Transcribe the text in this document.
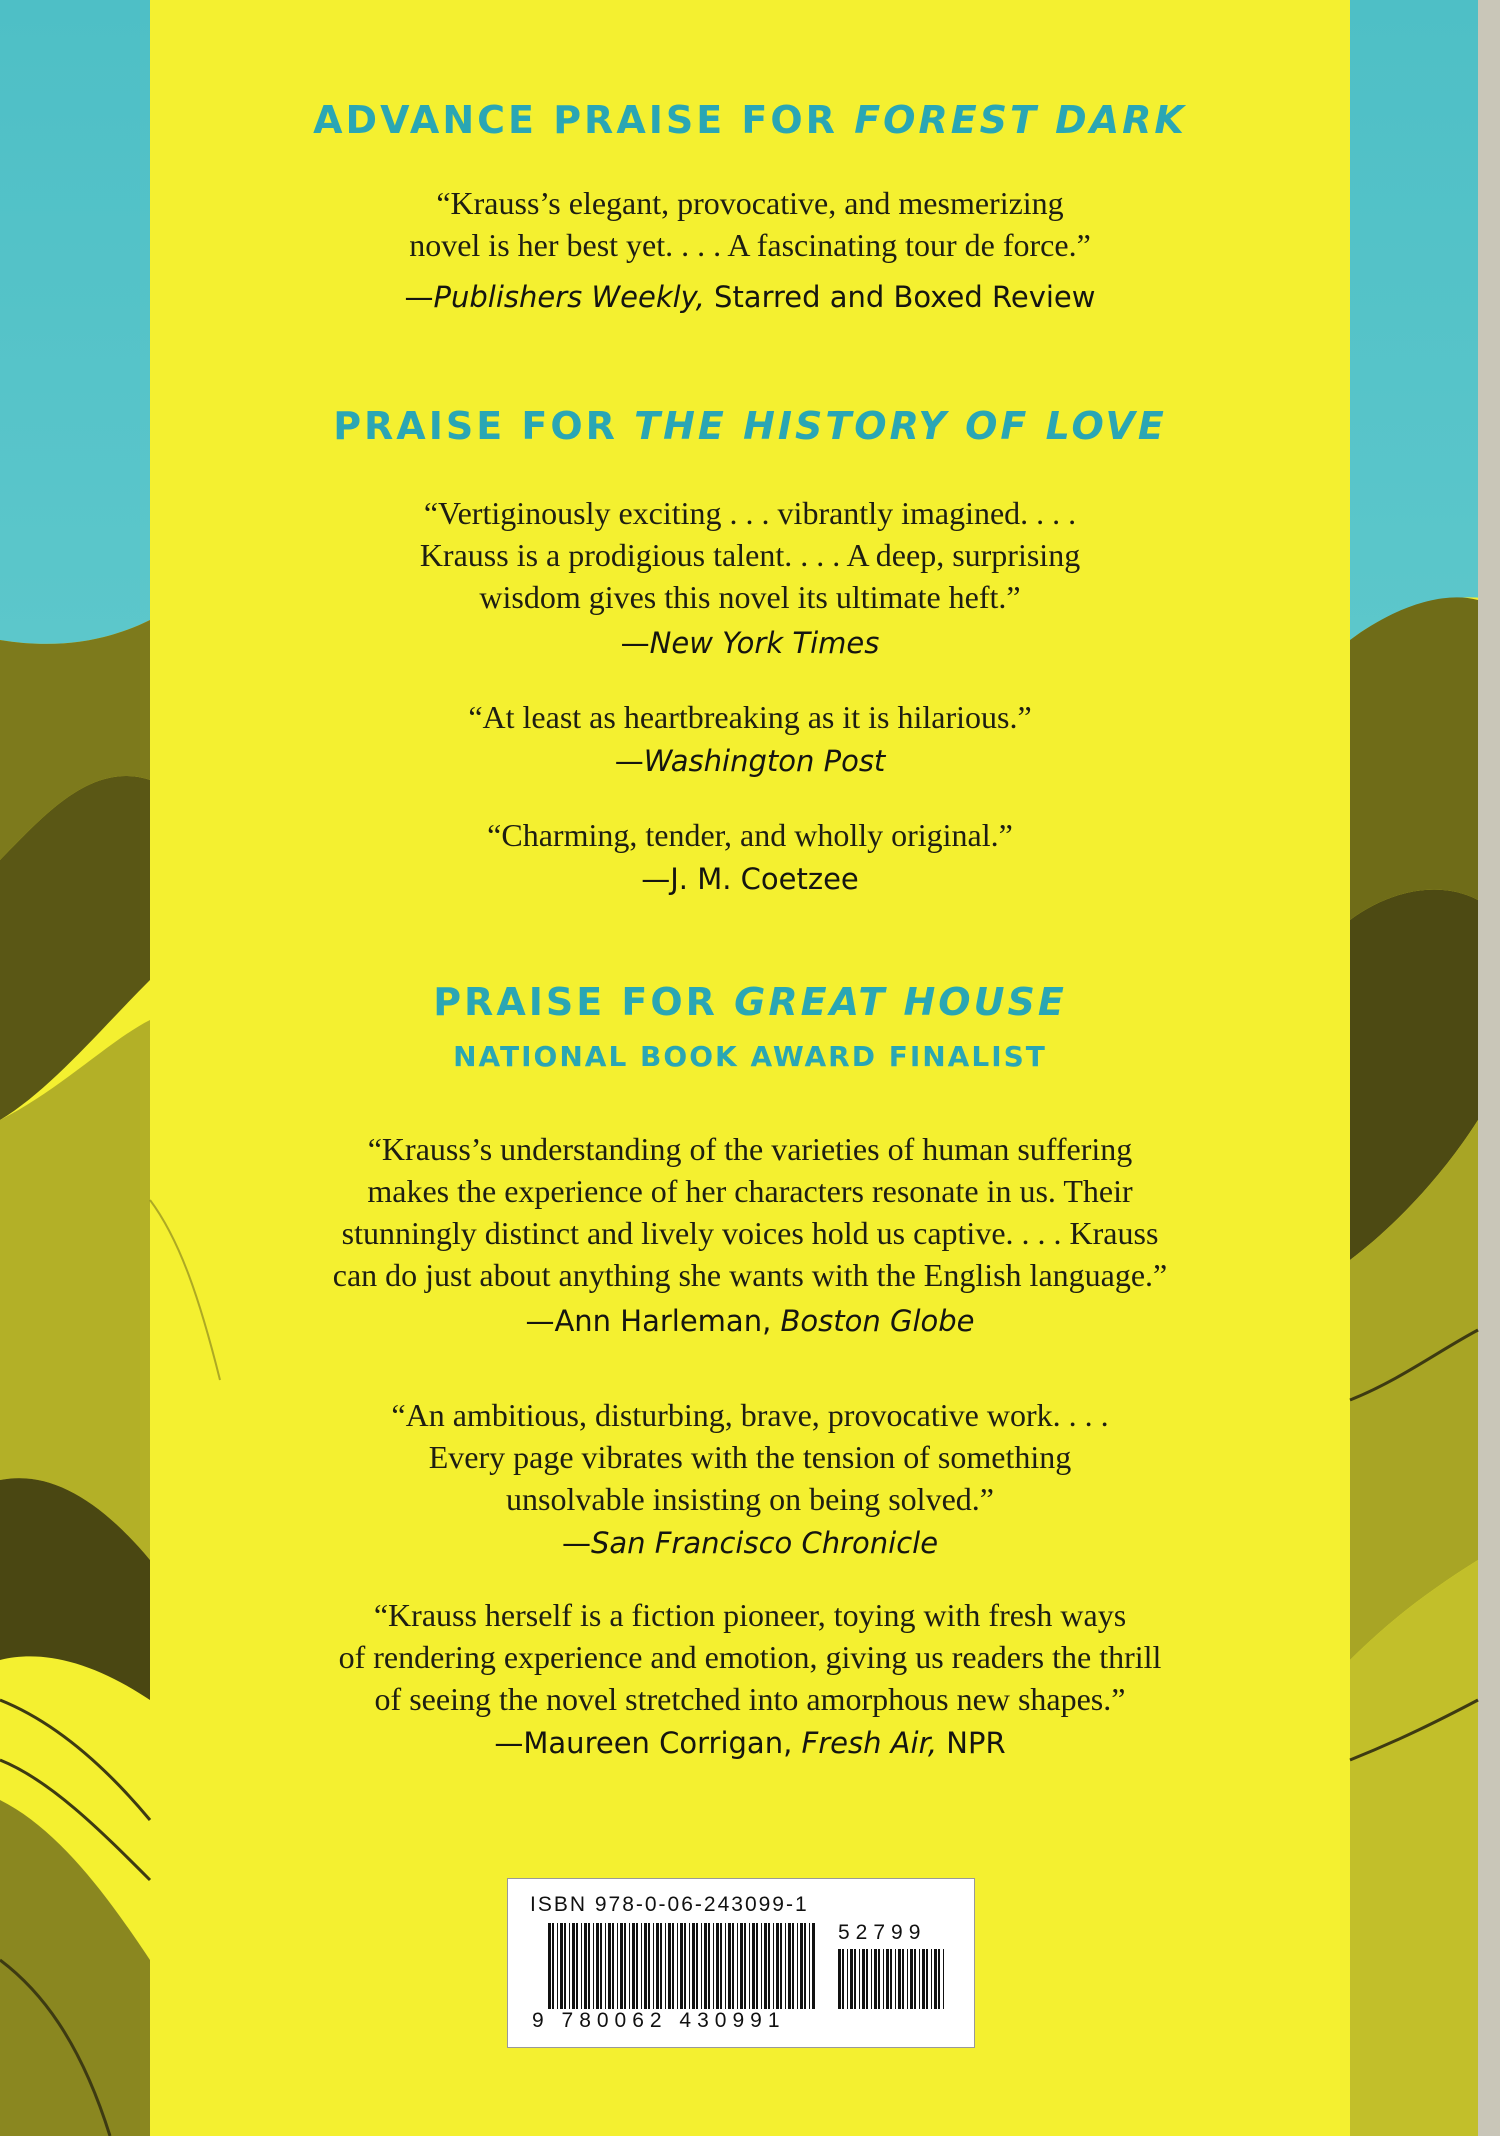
ADVANCE PRAISE FOR FOREST DARK
“Krauss’s elegant, provocative, and mesmerizing
novel is her best yet. . . . A fascinating tour de force.”
—Publishers Weekly, Starred and Boxed Review
PRAISE FOR THE HISTORY OF LOVE
“Vertiginously exciting . . . vibrantly imagined. . . .
Krauss is a prodigious talent. . . . A deep, surprising
wisdom gives this novel its ultimate heft.”
—New York Times
“At least as heartbreaking as it is hilarious.”
—Washington Post
“Charming, tender, and wholly original.”
—J. M. Coetzee
PRAISE FOR GREAT HOUSE
NATIONAL BOOK AWARD FINALIST
“Krauss’s understanding of the varieties of human suffering
makes the experience of her characters resonate in us. Their
stunningly distinct and lively voices hold us captive. . . . Krauss
can do just about anything she wants with the English language.”
—Ann Harleman, Boston Globe
“An ambitious, disturbing, brave, provocative work. . . .
Every page vibrates with the tension of something
unsolvable insisting on being solved.”
—San Francisco Chronicle
“Krauss herself is a fiction pioneer, toying with fresh ways
of rendering experience and emotion, giving us readers the thrill
of seeing the novel stretched into amorphous new shapes.”
—Maureen Corrigan, Fresh Air, NPR
ISBN 978-0-06-243099-1
52799
9 780062 430991
